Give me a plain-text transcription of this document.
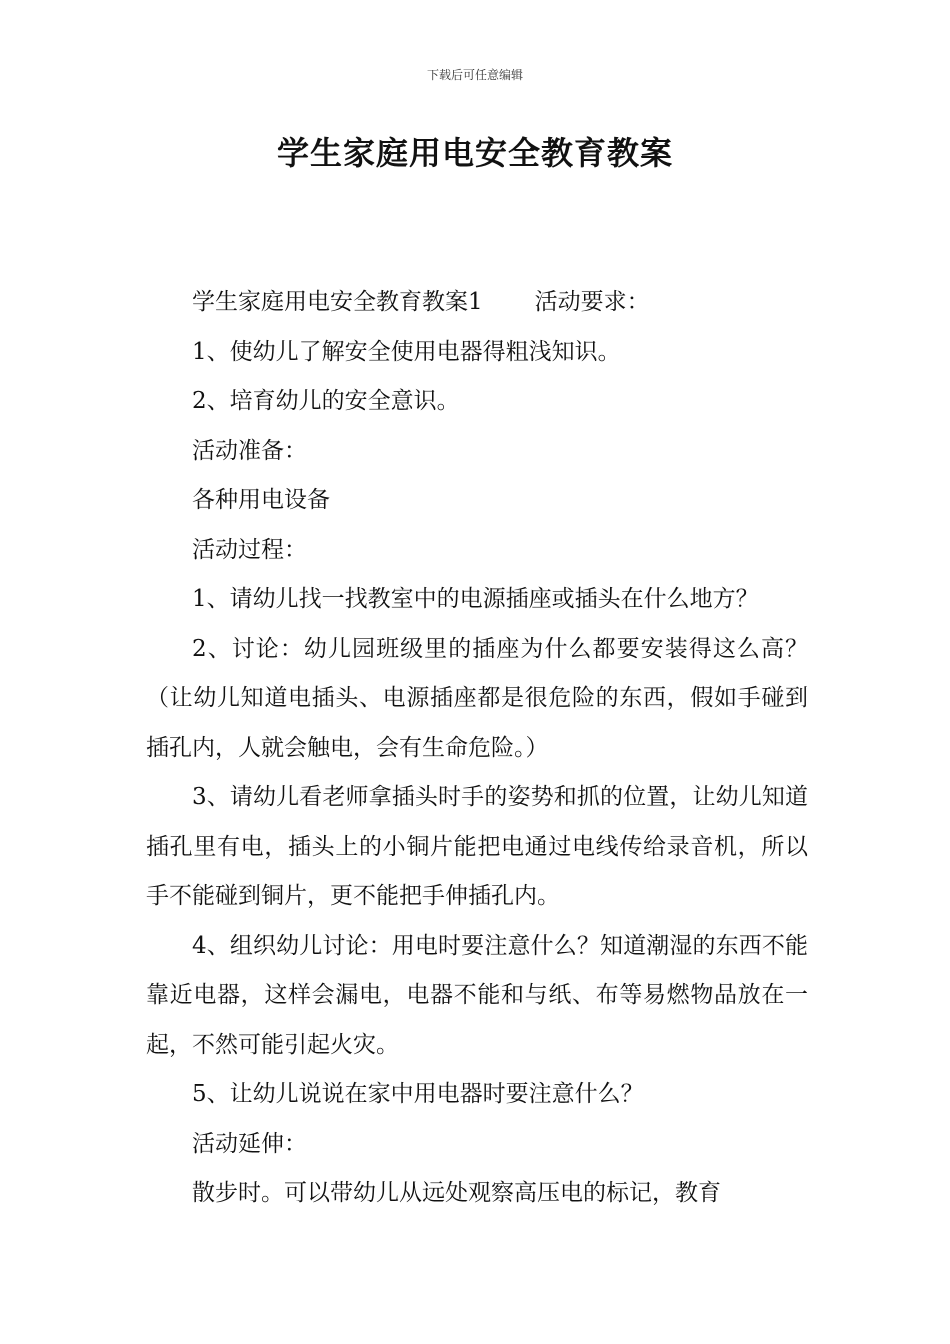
下载后可任意编辑
学生家庭用电安全教育教案

学生家庭用电安全教育教案1 活动要求：

1、使幼儿了解安全使用电器得粗浅知识。

2、培育幼儿的安全意识。

活动准备：

各种用电设备

活动过程：

1、请幼儿找一找教室中的电源插座或插头在什么地方？

2、讨论：幼儿园班级里的插座为什么都要安装得这么高？（让幼儿知道电插头、电源插座都是很危险的东西，假如手碰到插孔内，人就会触电，会有生命危险。）

3、请幼儿看老师拿插头时手的姿势和抓的位置，让幼儿知道插孔里有电，插头上的小铜片能把电通过电线传给录音机，所以手不能碰到铜片，更不能把手伸插孔内。

4、组织幼儿讨论：用电时要注意什么？知道潮湿的东西不能靠近电器，这样会漏电，电器不能和与纸、布等易燃物品放在一起，不然可能引起火灾。

5、让幼儿说说在家中用电器时要注意什么？

活动延伸：

散步时。可以带幼儿从远处观察高压电的标记，教育
